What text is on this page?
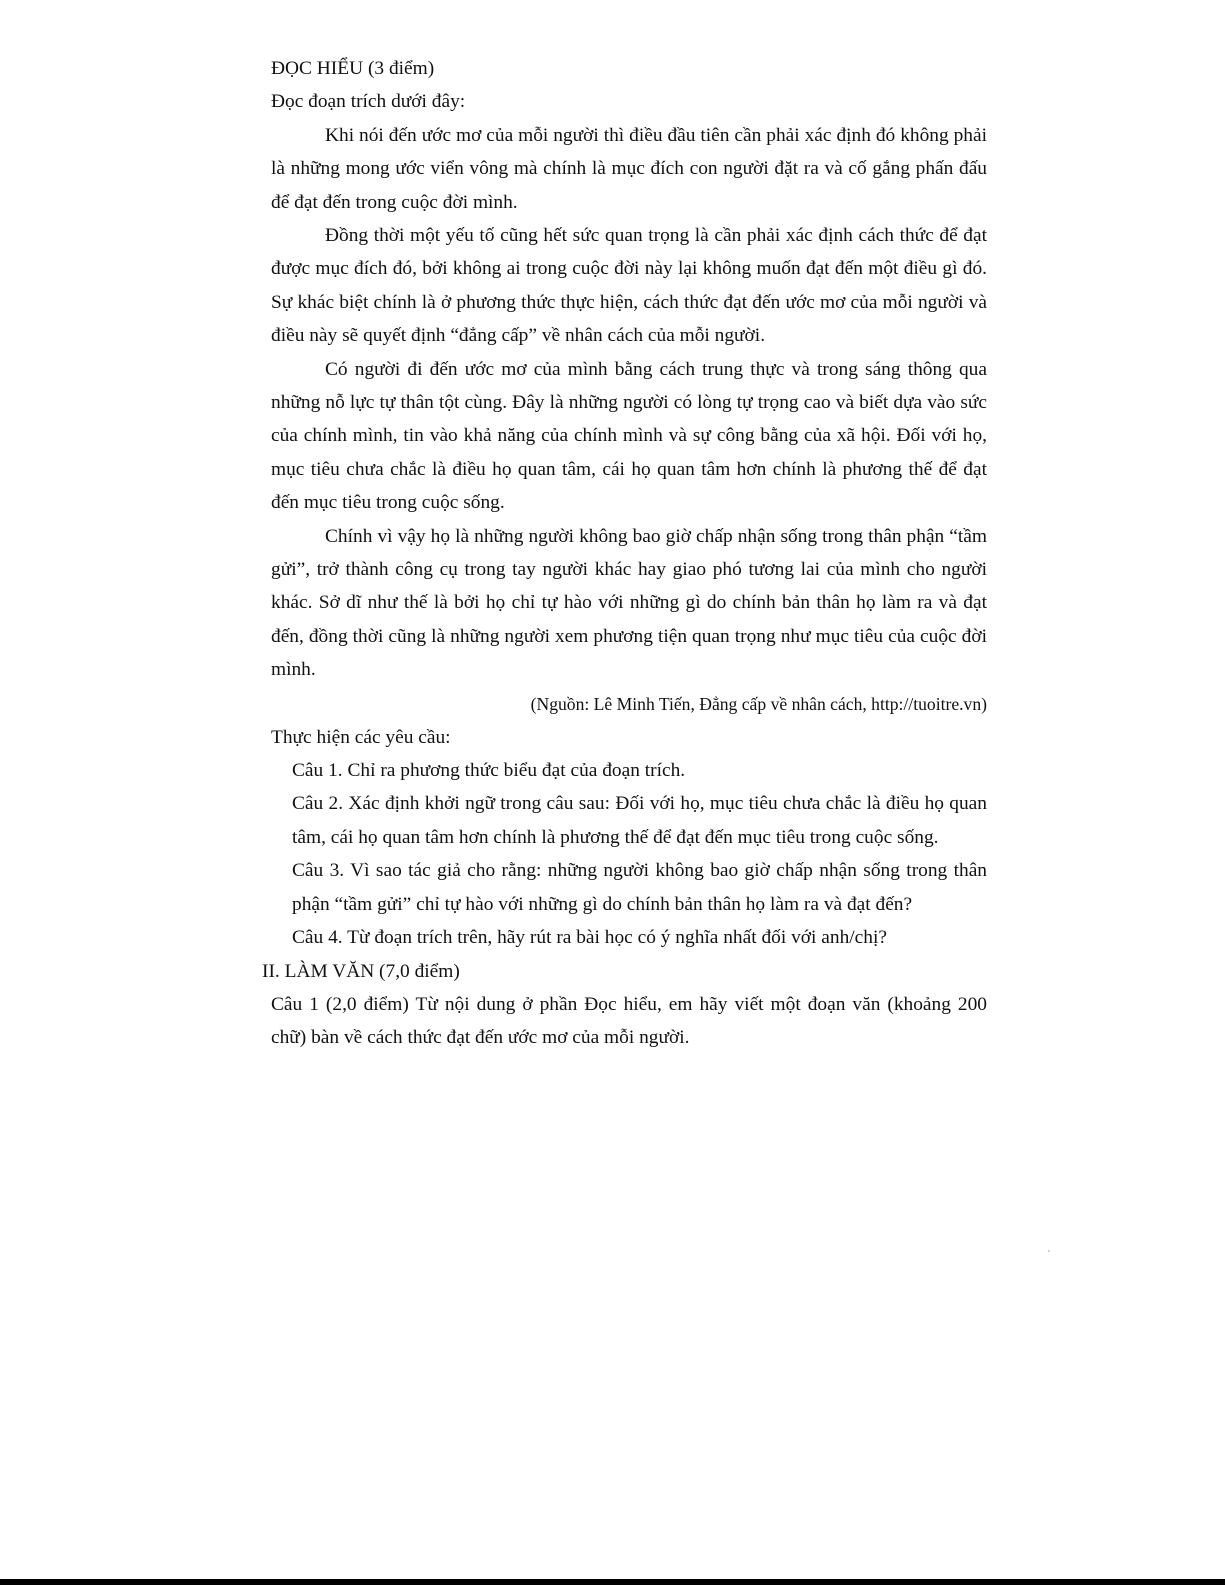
ĐỌC HIỂU (3 điểm)
Đọc đoạn trích dưới đây:

Khi nói đến ước mơ của mỗi người thì điều đầu tiên cần phải xác định đó không phải là những mong ước viển vông mà chính là mục đích con người đặt ra và cố gắng phấn đấu để đạt đến trong cuộc đời mình.

Đồng thời một yếu tố cũng hết sức quan trọng là cần phải xác định cách thức để đạt được mục đích đó, bởi không ai trong cuộc đời này lại không muốn đạt đến một điều gì đó. Sự khác biệt chính là ở phương thức thực hiện, cách thức đạt đến ước mơ của mỗi người và điều này sẽ quyết định “đẳng cấp” về nhân cách của mỗi người.

Có người đi đến ước mơ của mình bằng cách trung thực và trong sáng thông qua những nỗ lực tự thân tột cùng. Đây là những người có lòng tự trọng cao và biết dựa vào sức của chính mình, tin vào khả năng của chính mình và sự công bằng của xã hội. Đối với họ, mục tiêu chưa chắc là điều họ quan tâm, cái họ quan tâm hơn chính là phương thế để đạt đến mục tiêu trong cuộc sống.

Chính vì vậy họ là những người không bao giờ chấp nhận sống trong thân phận “tầm gửi”, trở thành công cụ trong tay người khác hay giao phó tương lai của mình cho người khác. Sở dĩ như thế là bởi họ chỉ tự hào với những gì do chính bản thân họ làm ra và đạt đến, đồng thời cũng là những người xem phương tiện quan trọng như mục tiêu của cuộc đời mình.

(Nguồn: Lê Minh Tiến, Đẳng cấp về nhân cách, http://tuoitre.vn)
Thực hiện các yêu cầu:

Câu 1. Chỉ ra phương thức biểu đạt của đoạn trích.

Câu 2. Xác định khởi ngữ trong câu sau: Đối với họ, mục tiêu chưa chắc là điều họ quan tâm, cái họ quan tâm hơn chính là phương thế để đạt đến mục tiêu trong cuộc sống.

Câu 3. Vì sao tác giả cho rằng: những người không bao giờ chấp nhận sống trong thân phận “tầm gửi” chỉ tự hào với những gì do chính bản thân họ làm ra và đạt đến?

Câu 4. Từ đoạn trích trên, hãy rút ra bài học có ý nghĩa nhất đối với anh/chị?

II. LÀM VĂN (7,0 điểm)

Câu 1 (2,0 điểm) Từ nội dung ở phần Đọc hiểu, em hãy viết một đoạn văn (khoảng 200 chữ) bàn về cách thức đạt đến ước mơ của mỗi người.
